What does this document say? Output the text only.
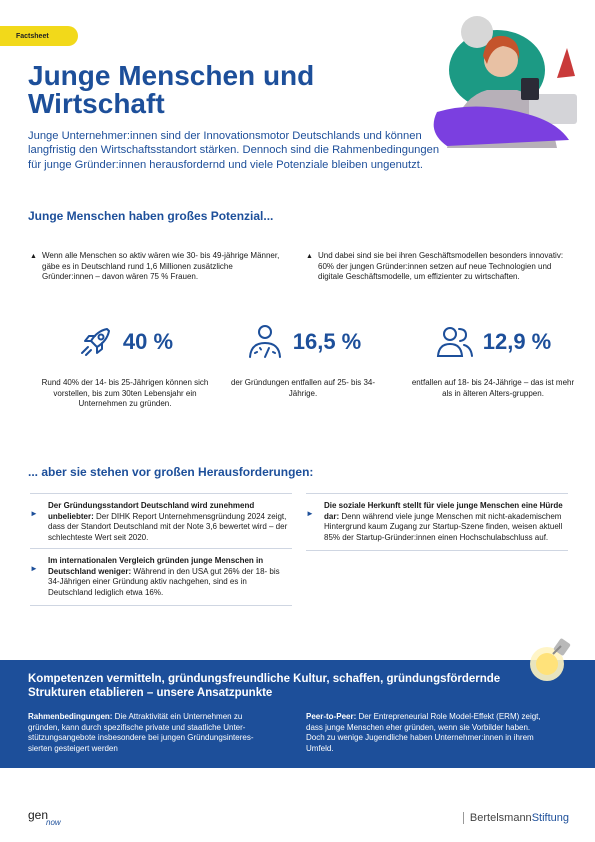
Factsheet
Junge Menschen und Wirtschaft
Junge Unternehmer:innen sind der Innovationsmotor Deutschlands und können langfristig den Wirtschaftsstandort stärken. Dennoch sind die Rahmenbedingungen für junge Gründer:innen herausfordernd und viele Potenziale bleiben ungenutzt.
Junge Menschen haben großes Potenzial...
▲ Wenn alle Menschen so aktiv wären wie 30- bis 49-jährige Männer, gäbe es in Deutschland rund 1,6 Millionen zusätzliche Gründer:innen – davon wären 75 % Frauen.
▲ Und dabei sind sie bei ihren Geschäftsmodellen besonders innovativ: 60% der jungen Gründer:innen setzen auf neue Technologien und digitale Geschäftsmodelle, um effizienter zu wirtschaften.
40 %
Rund 40% der 14- bis 25-Jährigen können sich vorstellen, bis zum 30ten Lebensjahr ein Unternehmen zu gründen.
16,5 %
der Gründungen entfallen auf 25- bis 34-Jährige.
12,9 %
entfallen auf 18- bis 24-Jährige – das ist mehr als in älteren Alters-gruppen.
... aber sie stehen vor großen Herausforderungen:
►
Der Gründungsstandort Deutschland wird zunehmend unbeliebter: Der DIHK Report Unternehmensgründung 2024 zeigt, dass der Standort Deutschland mit der Note 3,6 bewertet wird – der schlechteste Wert seit 2020.
►
Im internationalen Vergleich gründen junge Menschen in Deutschland weniger: Während in den USA gut 26% der 18- bis 34-Jährigen einer Gründung aktiv nachgehen, sind es in Deutschland lediglich etwa 16%.
►
Die soziale Herkunft stellt für viele junge Menschen eine Hürde dar: Denn während viele junge Menschen mit nicht-akademischem Hintergrund kaum Zugang zur Startup-Szene finden, weisen aktuell 85% der Startup-Gründer:innen einen Hochschulabschluss auf.
Kompetenzen vermitteln, gründungsfreundliche Kultur, schaffen, gründungsfördernde Strukturen etablieren – unsere Ansatzpunkte
Rahmenbedingungen: Die Attraktivität ein Unternehmen zu gründen, kann durch spezifische private und staatliche Unter-stützungsangebote insbesondere bei jungen Gründungsinteres-sierten gesteigert werden
Peer-to-Peer: Der Entrepreneurial Role Model-Effekt (ERM) zeigt, dass junge Menschen eher gründen, wenn sie Vorbilder haben. Doch zu wenige Jugendliche haben Unternehmer:innen in ihrem Umfeld.
gen$_{now}$	BertelsmannStiftung
